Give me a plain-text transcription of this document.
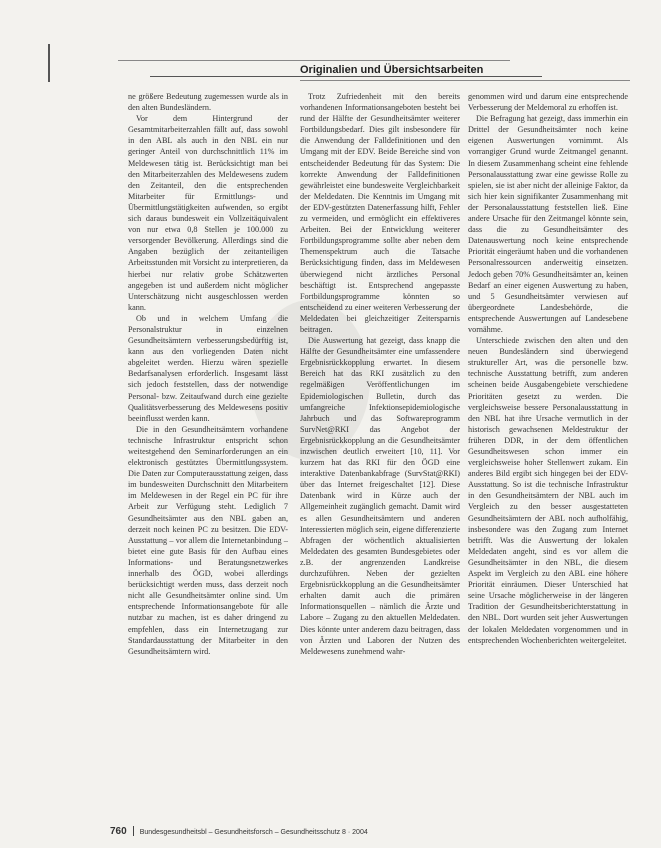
Originalien und Übersichtsarbeiten

ne größere Bedeutung zugemessen wurde als in den alten Bundesländern.

Vor dem Hintergrund der Gesamtmitarbeiterzahlen fällt auf, dass sowohl in den ABL als auch in den NBL ein nur geringer Anteil von durchschnittlich 11% im Meldewesen tätig ist. Berücksichtigt man bei den Mitarbeiterzahlen des Meldewesens zudem den Zeitanteil, den die entsprechenden Mitarbeiter für Ermittlungs- und Übermittlungstätigkeiten aufwenden, so ergibt sich daraus bundesweit ein Vollzeitäquivalent von nur etwa 0,8 Stellen je 100.000 zu versorgender Bevölkerung. Allerdings sind die Angaben bezüglich der zeitanteiligen Arbeitsstunden mit Vorsicht zu interpretieren, da hierbei nur relativ grobe Schätzwerten angegeben ist und außerdem nicht möglicher Unterschätzung nicht ausgeschlossen werden kann.

Ob und in welchem Umfang die Personalstruktur in einzelnen Gesundheitsämtern verbesserungsbedürftig ist, kann aus den vorliegenden Daten nicht abgeleitet werden. Hierzu wären spezielle Bedarfsanalysen erforderlich. Insgesamt lässt sich jedoch feststellen, dass der notwendige Personal- bzw. Zeitaufwand durch eine gezielte Qualitätsverbesserung des Meldewesens positiv beeinflusst werden kann.

Die in den Gesundheitsämtern vorhandene technische Infrastruktur entspricht schon weitestgehend den Seminarforderungen an ein elektronisch gestütztes Übermittlungssystem. Die Daten zur Computerausstattung zeigen, dass im bundesweiten Durchschnitt den Mitarbeitern im Meldewesen in der Regel ein PC für ihre Arbeit zur Verfügung steht. Lediglich 7 Gesundheitsämter aus den NBL gaben an, derzeit noch keinen PC zu besitzen. Die EDV-Ausstattung – vor allem die Internetanbindung – bietet eine gute Basis für den Aufbau eines Informations- und Beratungsnetzwerkes innerhalb des ÖGD, wobei allerdings berücksichtigt werden muss, dass derzeit noch nicht alle Gesundheitsämter online sind. Um entsprechende Informationsangebote für alle nutzbar zu machen, ist es daher dringend zu empfehlen, dass ein Internetzugang zur Standardausstattung der Mitarbeiter in den Gesundheitsämtern wird.

Trotz Zufriedenheit mit den bereits vorhandenen Informationsangeboten besteht bei rund der Hälfte der Gesundheitsämter weiterer Fortbildungsbedarf. Dies gilt insbesondere für die Anwendung der Falldefinitionen und den Umgang mit der EDV. Beide Bereiche sind von entscheidender Bedeutung für das System: Die korrekte Anwendung der Falldefinitionen gewährleistet eine bundesweite Vergleichbarkeit der Meldedaten. Die Kenntnis im Umgang mit der EDV-gestützten Datenerfassung hilft, Fehler zu vermeiden, und ermöglicht ein effektiveres Arbeiten. Bei der Entwicklung weiterer Fortbildungsprogramme sollte aber neben dem Themenspektrum auch die Tatsache Berücksichtigung finden, dass im Meldewesen überwiegend nicht ärztliches Personal beschäftigt ist. Entsprechend angepasste Fortbildungsprogramme könnten so entscheidend zu einer weiteren Verbesserung der Meldedaten bei gleichzeitiger Zeitersparnis beitragen.

Die Auswertung hat gezeigt, dass knapp die Hälfte der Gesundheitsämter eine umfassendere Ergebnisrückkopplung erwartet. In diesem Bereich hat das RKI zusätzlich zu den regelmäßigen Veröffentlichungen im Epidemiologischen Bulletin, durch das umfangreiche Infektionsepidemiologische Jahrbuch und das Softwareprogramm SurvNet@RKI das Angebot der Ergebnisrückkopplung an die Gesundheitsämter inzwischen deutlich erweitert [10, 11]. Vor kurzem hat das RKI für den ÖGD eine interaktive Datenbankabfrage (SurvStat@RKI) über das Internet freigeschaltet [12]. Diese Datenbank wird in Kürze auch der Allgemeinheit zugänglich gemacht. Damit wird es allen Gesundheitsämtern und anderen Interessierten möglich sein, eigene differenzierte Abfragen der wöchentlich aktualisierten Meldedaten des gesamten Bundesgebietes oder z.B. der angrenzenden Landkreise durchzuführen. Neben der gezielten Ergebnisrückkopplung an die Gesundheitsämter erhalten damit auch die primären Informationsquellen – nämlich die Ärzte und Labore – Zugang zu den aktuellen Meldedaten. Dies könnte unter anderem dazu beitragen, dass von Ärzten und Laboren der Nutzen des Meldewesens zunehmend wahr-

genommen wird und darum eine entsprechende Verbesserung der Meldemoral zu erhoffen ist.

Die Befragung hat gezeigt, dass immerhin ein Drittel der Gesundheitsämter noch keine eigenen Auswertungen vornimmt. Als vorrangiger Grund wurde Zeitmangel genannt. In diesem Zusammenhang scheint eine fehlende Personalausstattung zwar eine gewisse Rolle zu spielen, sie ist aber nicht der alleinige Faktor, da sich hier kein signifikanter Zusammenhang mit der Personalausstattung feststellen ließ. Eine andere Ursache für den Zeitmangel könnte sein, dass die zu Gesundheitsämter des Datenauswertung noch keine entsprechende Priorität eingeräumt haben und die vorhandenen Personalressourcen anderweitig einsetzen. Jedoch geben 70% Gesundheitsämter an, keinen Bedarf an einer eigenen Auswertung zu haben, und 5 Gesundheitsämter verwiesen auf übergeordnete Landesbehörde, die entsprechende Auswertungen auf Landesebene vornähme.

Unterschiede zwischen den alten und den neuen Bundesländern sind überwiegend struktureller Art, was die personelle bzw. technische Ausstattung betrifft, zum anderen scheinen beide Ausgabengebiete verschiedene Prioritäten gesetzt zu werden. Die vergleichsweise bessere Personalausstattung in den NBL hat ihre Ursache vermutlich in der historisch gewachsenen Meldestruktur der früheren DDR, in der dem öffentlichen Gesundheitswesen schon immer ein vergleichsweise hoher Stellenwert zukam. Ein anderes Bild ergibt sich hingegen bei der EDV-Ausstattung. So ist die technische Infrastruktur in den Gesundheitsämtern der NBL auch im Vergleich zu den besser ausgestatteten Gesundheitsämtern der ABL noch aufholfähig, insbesondere was den Zugang zum Internet betrifft. Was die Auswertung der lokalen Meldedaten angeht, sind es vor allem die Gesundheitsämter in den NBL, die diesem Aspekt im Vergleich zu den ABL eine höhere Priorität einräumen. Dieser Unterschied hat seine Ursache möglicherweise in der längeren Tradition der Gesundheitsberichterstattung in den NBL. Dort wurden seit jeher Auswertungen der lokalen Meldedaten vorgenommen und in entsprechenden Wochenberichten weitergeleitet.

760 Bundesgesundheitsbl – Gesundheitsforsch – Gesundheitsschutz 8 · 2004
